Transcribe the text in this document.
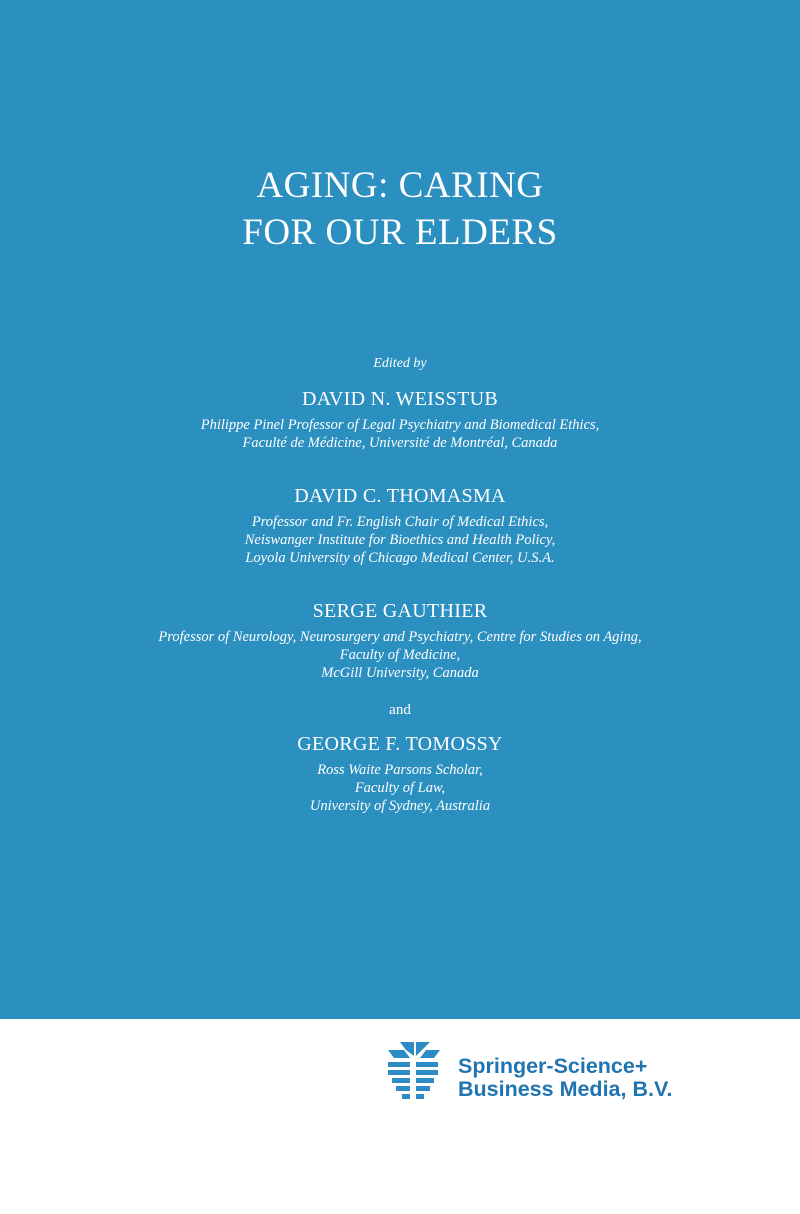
AGING: CARING
FOR OUR ELDERS
Edited by
DAVID N. WEISSTUB
Philippe Pinel Professor of Legal Psychiatry and Biomedical Ethics,
Faculté de Médicine, Université de Montréal, Canada
DAVID C. THOMASMA
Professor and Fr. English Chair of Medical Ethics,
Neiswanger Institute for Bioethics and Health Policy,
Loyola University of Chicago Medical Center, U.S.A.
SERGE GAUTHIER
Professor of Neurology, Neurosurgery and Psychiatry, Centre for Studies on Aging,
Faculty of Medicine,
McGill University, Canada
and
GEORGE F. TOMOSSY
Ross Waite Parsons Scholar,
Faculty of Law,
University of Sydney, Australia
Springer-Science+
Business Media, B.V.
